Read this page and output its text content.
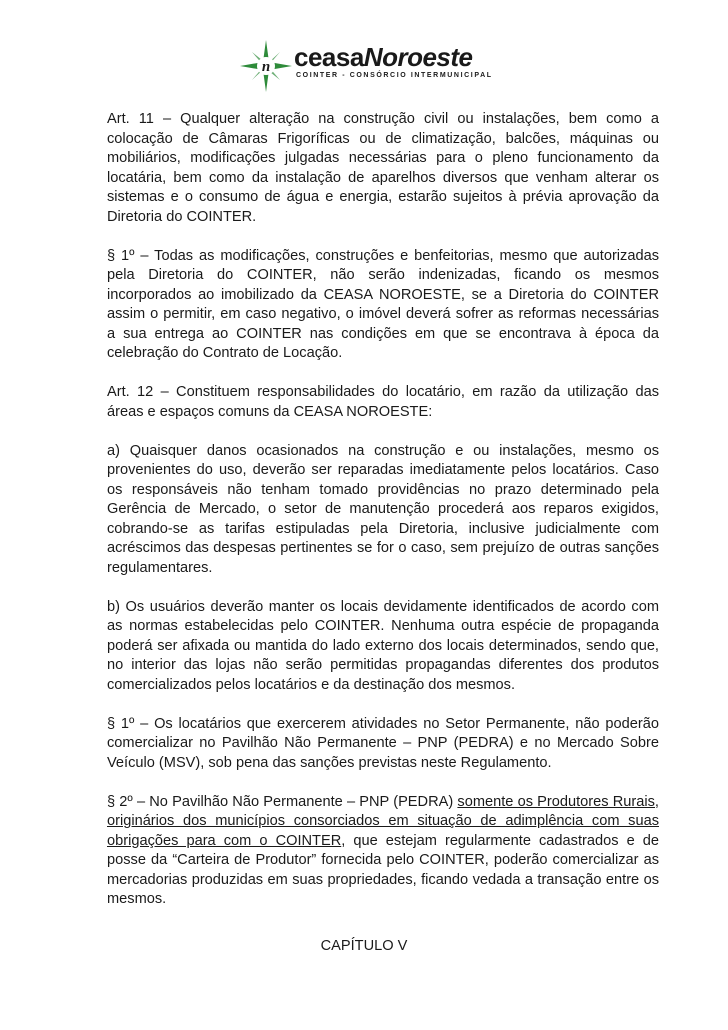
n ceasaNoroeste
COINTER - CONSÓRCIO INTERMUNICIPAL

Art. 11 – Qualquer alteração na construção civil ou instalações, bem como a colocação de Câmaras Frigoríficas ou de climatização, balcões, máquinas ou mobiliários, modificações julgadas necessárias para o pleno funcionamento da locatária, bem como da instalação de aparelhos diversos que venham alterar os sistemas e o consumo de água e energia, estarão sujeitos à prévia aprovação da Diretoria do COINTER.

§ 1º – Todas as modificações, construções e benfeitorias, mesmo que autorizadas pela Diretoria do COINTER, não serão indenizadas, ficando os mesmos incorporados ao imobilizado da CEASA NOROESTE, se a Diretoria do COINTER assim o permitir, em caso negativo, o imóvel deverá sofrer as reformas necessárias a sua entrega ao COINTER nas condições em que se encontrava à época da celebração do Contrato de Locação.

Art. 12 – Constituem responsabilidades do locatário, em razão da utilização das áreas e espaços comuns da CEASA NOROESTE:

a) Quaisquer danos ocasionados na construção e ou instalações, mesmo os provenientes do uso, deverão ser reparadas imediatamente pelos locatários. Caso os responsáveis não tenham tomado providências no prazo determinado pela Gerência de Mercado, o setor de manutenção procederá aos reparos exigidos, cobrando-se as tarifas estipuladas pela Diretoria, inclusive judicialmente com acréscimos das despesas pertinentes se for o caso, sem prejuízo de outras sanções regulamentares.

b) Os usuários deverão manter os locais devidamente identificados de acordo com as normas estabelecidas pelo COINTER. Nenhuma outra espécie de propaganda poderá ser afixada ou mantida do lado externo dos locais determinados, sendo que, no interior das lojas não serão permitidas propagandas diferentes dos produtos comercializados pelos locatários e da destinação dos mesmos.

§ 1º – Os locatários que exercerem atividades no Setor Permanente, não poderão comercializar no Pavilhão Não Permanente – PNP (PEDRA) e no Mercado Sobre Veículo (MSV), sob pena das sanções previstas neste Regulamento.

§ 2º – No Pavilhão Não Permanente – PNP (PEDRA) somente os Produtores Rurais, originários dos municípios consorciados em situação de adimplência com suas obrigações para com o COINTER, que estejam regularmente cadastrados e de posse da “Carteira de Produtor” fornecida pelo COINTER, poderão comercializar as mercadorias produzidas em suas propriedades, ficando vedada a transação entre os mesmos.

CAPÍTULO V
